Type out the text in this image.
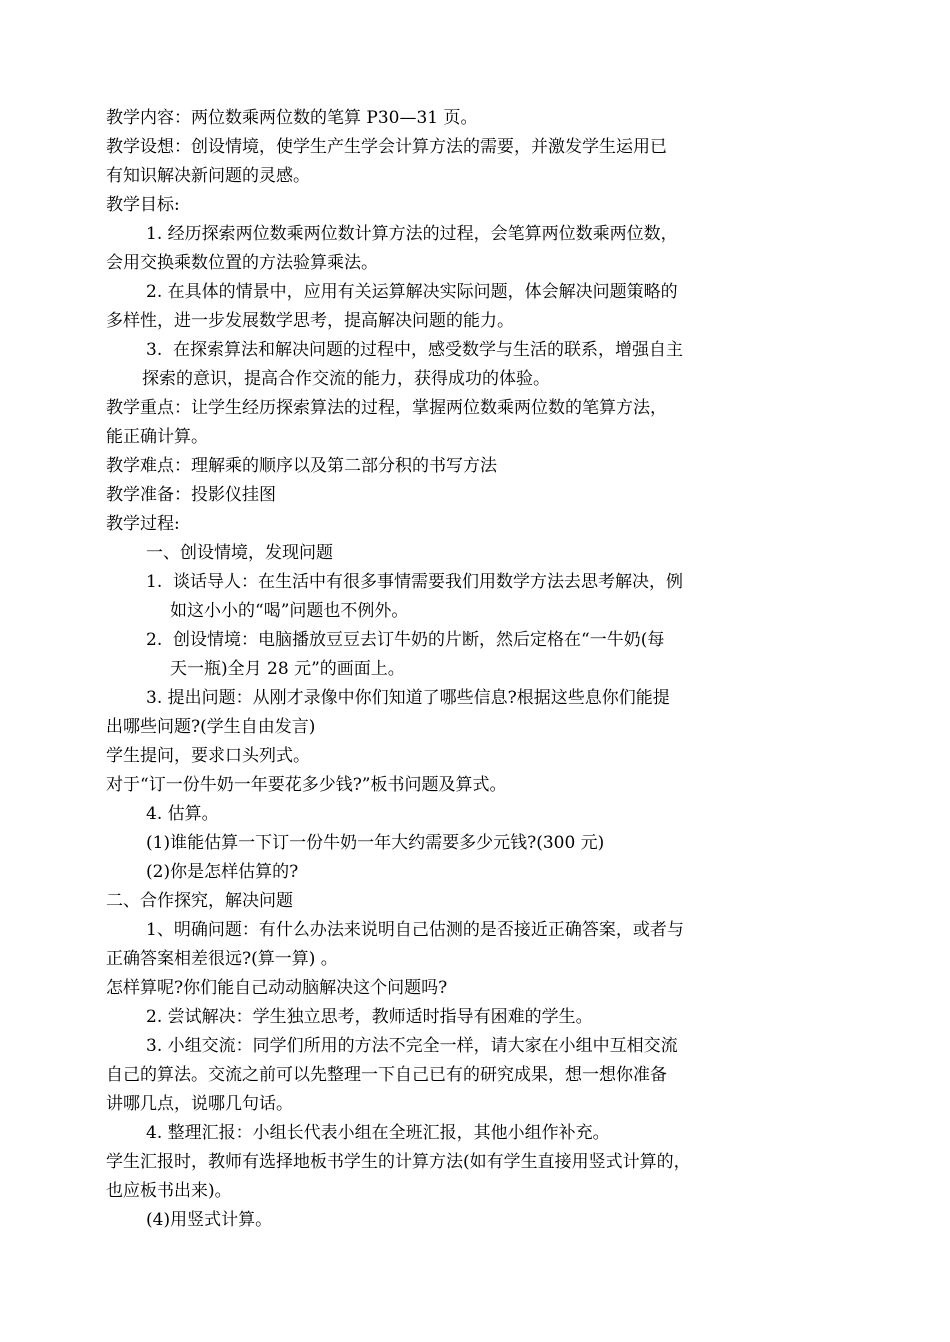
教学内容：两位数乘两位数的笔算 P30—31 页。
教学设想：创设情境，使学生产生学会计算方法的需要，并激发学生运用已
有知识解决新问题的灵感。
教学目标:
1. 经历探索两位数乘两位数计算方法的过程，会笔算两位数乘两位数，
会用交换乘数位置的方法验算乘法。
2. 在具体的情景中，应用有关运算解决实际问题，体会解决问题策略的
多样性，进一步发展数学思考，提高解决问题的能力。
3.  在探索算法和解决问题的过程中，感受数学与生活的联系，增强自主
探索的意识，提高合作交流的能力，获得成功的体验。
教学重点：让学生经历探索算法的过程，掌握两位数乘两位数的笔算方法，
能正确计算。
教学难点：理解乘的顺序以及第二部分积的书写方法
教学准备：投影仪挂图
教学过程:
一、创设情境，发现问题
1.  谈话导人：在生活中有很多事情需要我们用数学方法去思考解决，例
如这小小的“喝”问题也不例外。
2.  创设情境：电脑播放豆豆去订牛奶的片断，然后定格在“一牛奶(每
天一瓶)全月 28 元”的画面上。
3. 提出问题：从刚才录像中你们知道了哪些信息?根据这些息你们能提
出哪些问题?(学生自由发言)
学生提问，要求口头列式。
对于“订一份牛奶一年要花多少钱?”板书问题及算式。
4. 估算。
(1)谁能估算一下订一份牛奶一年大约需要多少元钱?(300 元)
(2)你是怎样估算的?
二、合作探究，解决问题
1、明确问题：有什么办法来说明自己估测的是否接近正确答案，或者与
正确答案相差很远?(算一算) 。
怎样算呢?你们能自己动动脑解决这个问题吗?
2. 尝试解决：学生独立思考，教师适时指导有困难的学生。
3. 小组交流：同学们所用的方法不完全一样，请大家在小组中互相交流
自己的算法。交流之前可以先整理一下自己已有的研究成果，想一想你准备
讲哪几点，说哪几句话。
4. 整理汇报：小组长代表小组在全班汇报，其他小组作补充。
学生汇报时，教师有选择地板书学生的计算方法(如有学生直接用竖式计算的，
也应板书出来)。
(4)用竖式计算。
